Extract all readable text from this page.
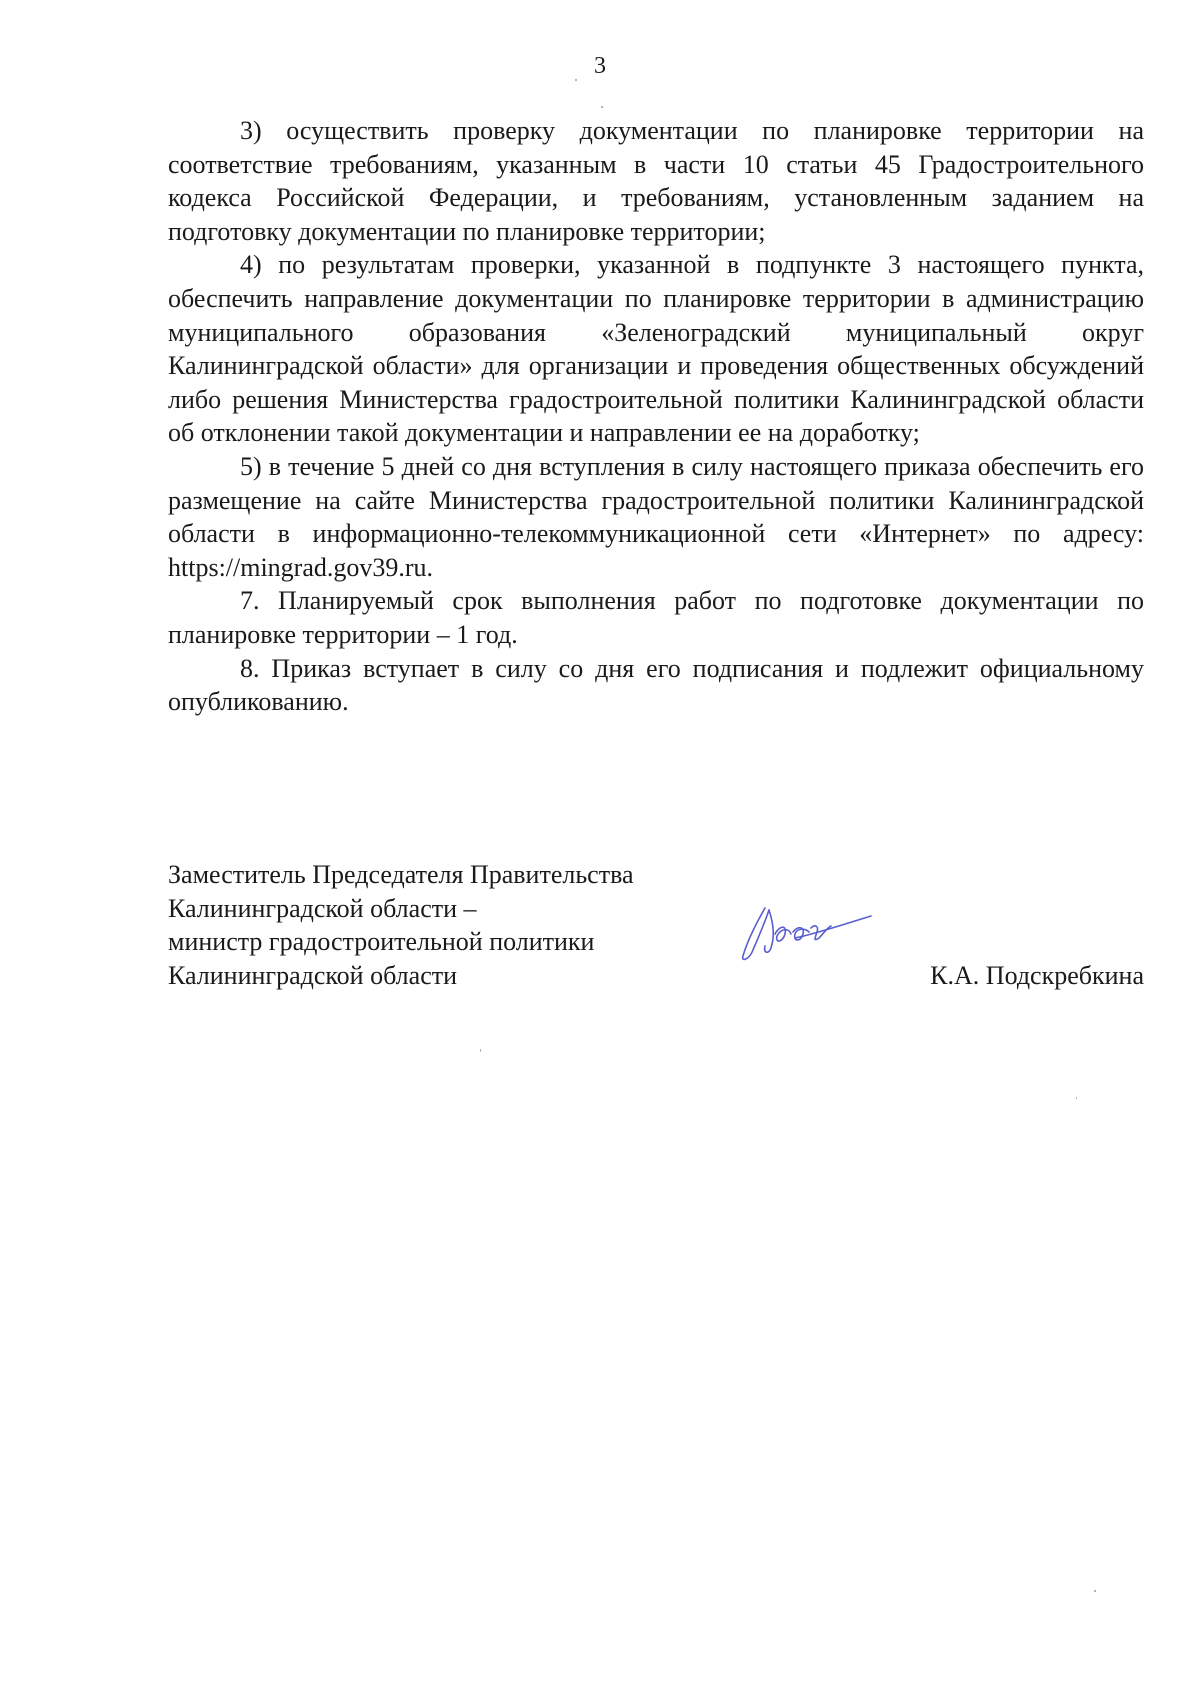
3

3) осуществить проверку документации по планировке территории на соответствие требованиям, указанным в части 10 статьи 45 Градостроительного кодекса Российской Федерации, и требованиям, установленным заданием на подготовку документации по планировке территории;

4) по результатам проверки, указанной в подпункте 3 настоящего пункта, обеспечить направление документации по планировке территории в администрацию муниципального образования «Зеленоградский муниципальный округ Калининградской области» для организации и проведения общественных обсуждений либо решения Министерства градостроительной политики Калининградской области об отклонении такой документации и направлении ее на доработку;

5) в течение 5 дней со дня вступления в силу настоящего приказа обеспечить его размещение на сайте Министерства градостроительной политики Калининградской области в информационно-телекоммуникационной сети «Интернет» по адресу: https://mingrad.gov39.ru.

7. Планируемый срок выполнения работ по подготовке документации по планировке территории – 1 год.

8. Приказ вступает в силу со дня его подписания и подлежит официальному опубликованию.

Заместитель Председателя Правительства
Калининградской области –
министр градостроительной политики
Калининградской области	К.А. Подскребкина
